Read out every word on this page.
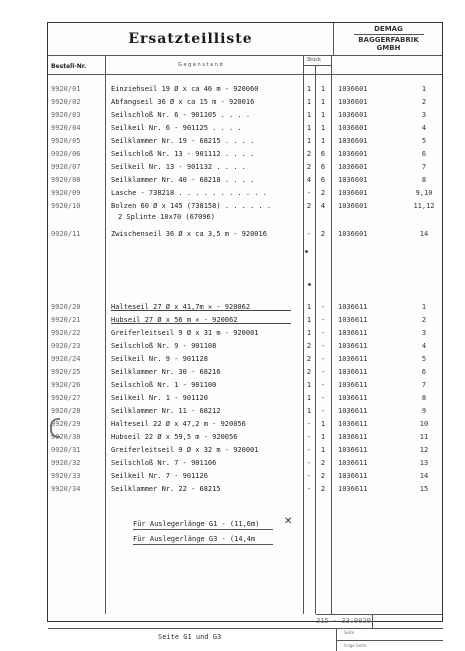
Ersatzteilliste
DEMAG
BAGGERFABRIK
GMBH
Bestell-Nr.	G e g e n s t a n d
Stück
9920/01	Einziehseil 19 Ø x ca 46 m - 920060	1	1	1036601	1
9920/02	Abfangseil 36 Ø x ca 15 m - 920016	1	1	1036601	2
9920/03	Seilschloß Nr. 6 - 901105 . . . .	1	1	1036601	3
9920/04	Seilkeil Nr. 6 - 901125 . . . .	1	1	1036601	4
9920/05	Seilklammer Nr. 19 - 68215 . . . .	1	1	1036601	5
9920/06	Seilschloß Nr. 13 - 901112 . . . .	2	6	1036601	6
9920/07	Seilkeil Nr. 13 - 901132 . . . .	2	6	1036601	7
9920/08	Seilklammer Nr. 40 - 68218 . . . .	4	6	1036601	8
9920/09	Lasche - 738218 . . . . . . . . . . .	-	2	1036601	9,10
9920/10	Bolzen 60 Ø x 145 (738158) . . . . . .	2	4	1036601	11,12
2 Splinte 10x70 (67096)
9920/11	Zwischenseil 36 Ø x ca 3,5 m - 920016	-	2	1036601	14
9920/20	Halteseil 27 Ø x 41,7m ✕ - 920062	1	-	1036611	1
9920/21	Hubseil 27 Ø x 56 m ✕ - 920062	1	-	1036611	2
9920/22	Greiferleitseil 9 Ø x 31 m - 920001	1	-	1036611	3
9920/23	Seilschloß Nr. 9 - 901108	2	-	1036611	4
9920/24	Seilkeil Nr. 9 - 901128	2	-	1036611	5
9920/25	Seilklammer Nr. 30 - 68216	2	-	1036611	6
9920/26	Seilschloß Nr. 1 - 901100	1	-	1036611	7
9920/27	Seilkeil Nr. 1 - 901120	1	-	1036611	8
9920/28	Seilklammer Nr. 11 - 68212	1	-	1036611	9
9920/29	Halteseil 22 Ø x 47,2 m - 920056	-	1	1036611	10
9920/30	Hubseil 22 Ø x 59,5 m - 920056	-	1	1036611	11
9920/31	Greiferleitseil 9 Ø x 32 m - 920001	-	1	1036611	12
9920/32	Seilschloß Nr. 7 - 901106	-	2	1036611	13
9920/33	Seilkeil Nr. 7 - 901126	-	2	1036611	14
9920/34	Seilklammer Nr. 22 - 68215	-	2	1036611	15
Für Auslegerlänge G1 - (11,6m) ✕
Für Auslegerlänge G3 - (14,4m
315 - 33.9920
Seite G1 und G3
Seite
Folge-Seite
